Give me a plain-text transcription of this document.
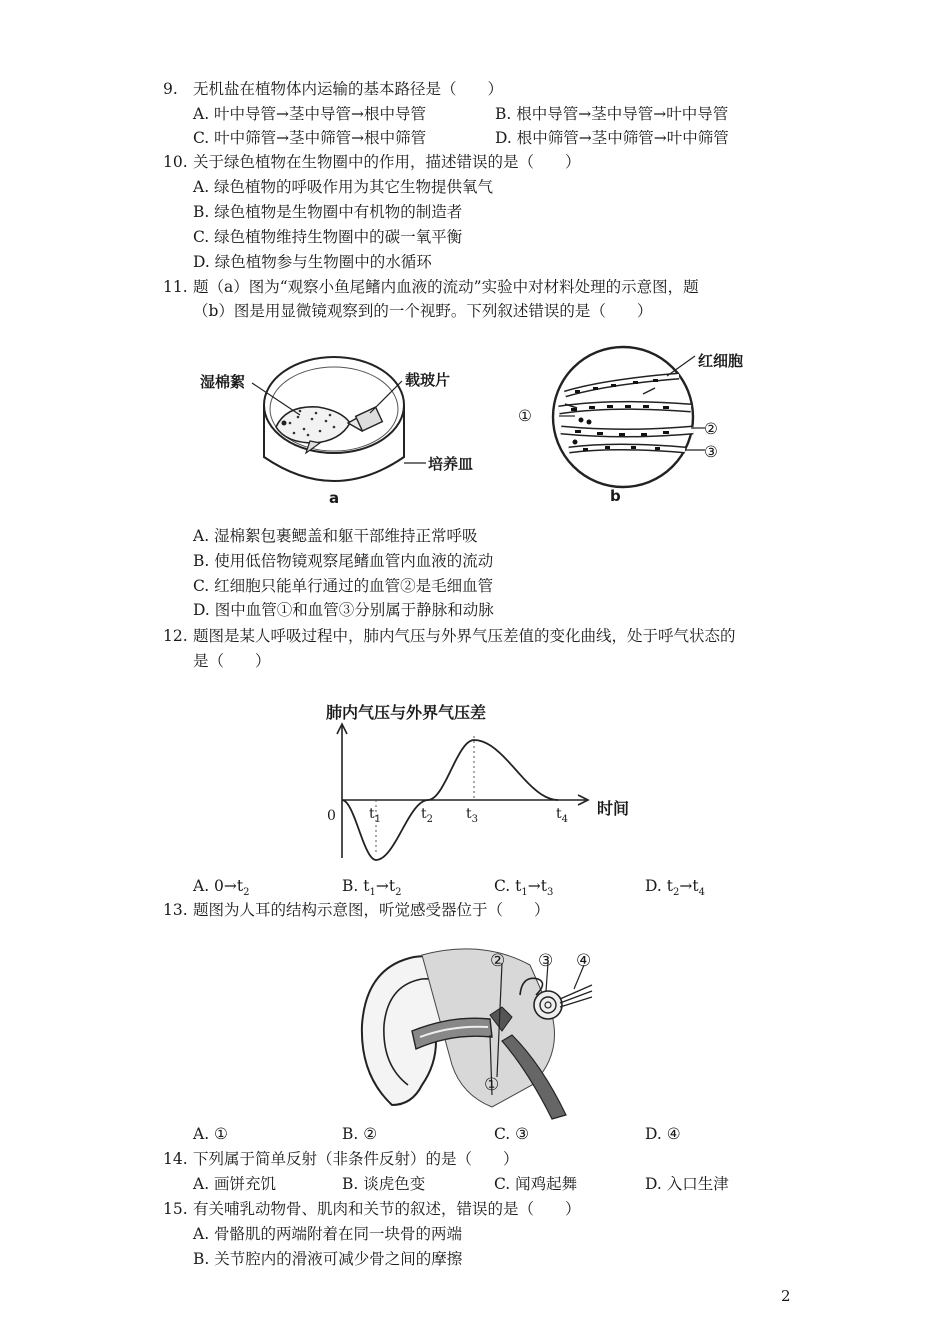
9. 无机盐在植物体内运输的基本路径是（　　）
A. 叶中导管→茎中导管→根中导管	B. 根中导管→茎中导管→叶中导管
C. 叶中筛管→茎中筛管→根中筛管	D. 根中筛管→茎中筛管→叶中筛管
10. 关于绿色植物在生物圈中的作用，描述错误的是（　　）
A. 绿色植物的呼吸作用为其它生物提供氧气
B. 绿色植物是生物圈中有机物的制造者
C. 绿色植物维持生物圈中的碳一氧平衡
D. 绿色植物参与生物圈中的水循环
11. 题（a）图为“观察小鱼尾鳍内血液的流动”实验中对材料处理的示意图，题
（b）图是用显微镜观察到的一个视野。下列叙述错误的是（　　）
湿棉絮	载玻片
培养皿
a
红细胞
①
②
③
b
A. 湿棉絮包裹鳃盖和躯干部维持正常呼吸
B. 使用低倍物镜观察尾鳍血管内血液的流动
C. 红细胞只能单行通过的血管②是毛细血管
D. 图中血管①和血管③分别属于静脉和动脉
12. 题图是某人呼吸过程中，肺内气压与外界气压差值的变化曲线，处于呼气状态的
是（　　）
肺内气压与外界气压差
0 $t_1$	$t_2$ $t_3$	$t_4$
时间
A. $0\to t_2$	B. $t_1\to t_2$	C. $t_1\to t_3$	D. $t_2\to t_4$
13. 题图为人耳的结构示意图，听觉感受器位于（　　）
② ③ ④
①
A. ①	B. ②	C. ③	D. ④
14. 下列属于简单反射（非条件反射）的是（　　）
A. 画饼充饥	B. 谈虎色变	C. 闻鸡起舞	D. 入口生津
15. 有关哺乳动物骨、肌肉和关节的叙述，错误的是（　　）
A. 骨骼肌的两端附着在同一块骨的两端
B. 关节腔内的滑液可减少骨之间的摩擦
2
